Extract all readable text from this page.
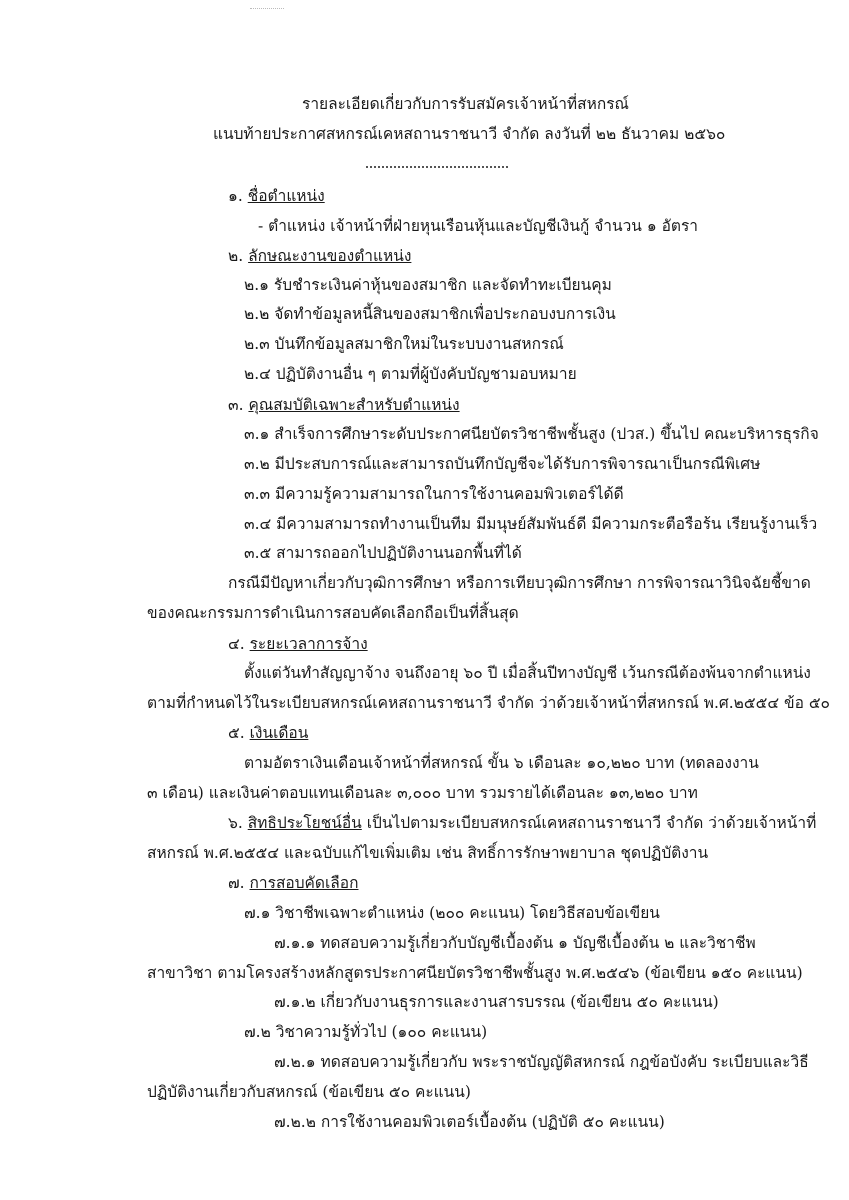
รายละเอียดเกี่ยวกับการรับสมัครเจ้าหน้าที่สหกรณ์
แนบท้ายประกาศสหกรณ์เคหสถานราชนาวี จำกัด ลงวันที่ ๒๒ ธันวาคม ๒๕๖๐
๑. ชื่อตำแหน่ง
- ตำแหน่ง เจ้าหน้าที่ฝ่ายหุนเรือนหุ้นและบัญชีเงินกู้ จำนวน ๑ อัตรา
๒. ลักษณะงานของตำแหน่ง
๒.๑ รับชำระเงินค่าหุ้นของสมาชิก และจัดทำทะเบียนคุม
๒.๒ จัดทำข้อมูลหนี้สินของสมาชิกเพื่อประกอบงบการเงิน
๒.๓ บันทึกข้อมูลสมาชิกใหม่ในระบบงานสหกรณ์
๒.๔ ปฏิบัติงานอื่น ๆ ตามที่ผู้บังคับบัญชามอบหมาย
๓. คุณสมบัติเฉพาะสำหรับตำแหน่ง
๓.๑ สำเร็จการศึกษาระดับประกาศนียบัตรวิชาชีพชั้นสูง (ปวส.) ขึ้นไป คณะบริหารธุรกิจ
๓.๒ มีประสบการณ์และสามารถบันทึกบัญชีจะได้รับการพิจารณาเป็นกรณีพิเศษ
๓.๓ มีความรู้ความสามารถในการใช้งานคอมพิวเตอร์ได้ดี
๓.๔ มีความสามารถทำงานเป็นทีม มีมนุษย์สัมพันธ์ดี มีความกระตือรือร้น เรียนรู้งานเร็ว
๓.๕ สามารถออกไปปฏิบัติงานนอกพื้นที่ได้
กรณีมีปัญหาเกี่ยวกับวุฒิการศึกษา หรือการเทียบวุฒิการศึกษา การพิจารณาวินิจฉัยชี้ขาด
ของคณะกรรมการดำเนินการสอบคัดเลือกถือเป็นที่สิ้นสุด
๔. ระยะเวลาการจ้าง
ตั้งแต่วันทำสัญญาจ้าง จนถึงอายุ ๖๐ ปี เมื่อสิ้นปีทางบัญชี เว้นกรณีต้องพ้นจากตำแหน่ง
ตามที่กำหนดไว้ในระเบียบสหกรณ์เคหสถานราชนาวี จำกัด ว่าด้วยเจ้าหน้าที่สหกรณ์ พ.ศ.๒๕๕๔ ข้อ ๕๐
๕. เงินเดือน
ตามอัตราเงินเดือนเจ้าหน้าที่สหกรณ์ ขั้น ๖ เดือนละ ๑๐,๒๒๐ บาท (ทดลองงาน
๓ เดือน) และเงินค่าตอบแทนเดือนละ ๓,๐๐๐ บาท รวมรายได้เดือนละ ๑๓,๒๒๐ บาท
๖. สิทธิประโยชน์อื่น เป็นไปตามระเบียบสหกรณ์เคหสถานราชนาวี จำกัด ว่าด้วยเจ้าหน้าที่
สหกรณ์ พ.ศ.๒๕๕๔ และฉบับแก้ไขเพิ่มเติม เช่น สิทธิ์การรักษาพยาบาล ชุดปฏิบัติงาน
๗. การสอบคัดเลือก
๗.๑ วิชาชีพเฉพาะตำแหน่ง (๒๐๐ คะแนน) โดยวิธีสอบข้อเขียน
๗.๑.๑ ทดสอบความรู้เกี่ยวกับบัญชีเบื้องต้น ๑ บัญชีเบื้องต้น ๒ และวิชาชีพ
สาขาวิชา ตามโครงสร้างหลักสูตรประกาศนียบัตรวิชาชีพชั้นสูง พ.ศ.๒๕๔๖ (ข้อเขียน ๑๕๐ คะแนน)
๗.๑.๒ เกี่ยวกับงานธุรการและงานสารบรรณ (ข้อเขียน ๕๐ คะแนน)
๗.๒ วิชาความรู้ทั่วไป (๑๐๐ คะแนน)
๗.๒.๑ ทดสอบความรู้เกี่ยวกับ พระราชบัญญัติสหกรณ์ กฎข้อบังคับ ระเบียบและวิธี
ปฏิบัติงานเกี่ยวกับสหกรณ์ (ข้อเขียน ๕๐ คะแนน)
๗.๒.๒ การใช้งานคอมพิวเตอร์เบื้องต้น (ปฏิบัติ ๕๐ คะแนน)
